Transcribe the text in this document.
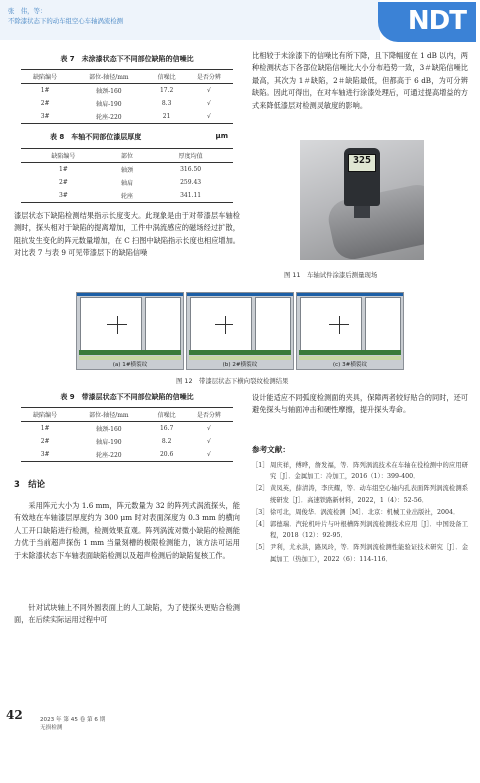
张　伟，等：
不除漆状态下的动车组空心车轴涡流检测	NDT
表 7　未涂漆状态下不同部位缺陷的信噪比
缺陷编号	部位-轴径/mm	信噪比	是否分辨
1#	轴颈-160	17.2	√
2#	轴肩-190	8.3	√
3#	轮座-220	21	√
表 8　车轴不同部位漆层厚度	μm
缺陷编号	部位	厚度均值
1#	轴颈	316.50
2#	轴肩	259.43
3#	轮座	341.11
漆层状态下缺陷检测结果指示长度变大。此现象是由于对带漆层车轴检测时，探头相对于缺陷的提离增加，工件中涡流感应的磁场经过扩散，阻抗发生变化的阵元数量增加，在 C 扫图中缺陷指示长度也相应增加。对比表 7 与表 9 可见带漆层下的缺陷信噪
比相较于未涂漆下的信噪比有所下降，且下降幅度在 1 dB 以内，两种检测状态下各部位缺陷信噪比大小分布趋势一致，3＃缺陷信噪比最高，其次为 1＃缺陷，2＃缺陷最低，但都高于 6 dB，为可分辨缺陷。因此可得出，在对车轴进行涂漆处理后，可通过提高增益的方式来降低漆层对检测灵敏度的影响。
325
图 11　车轴试件涂漆后测量现场
(a) 1#横裂纹	(b) 2#横裂纹	(c) 3#横裂纹
图 12　带漆层状态下横向裂纹检测结果
表 9　带漆层状态下不同部位缺陷的信噪比
缺陷编号	部位-轴径/mm	信噪比	是否分辨
1#	轴颈-160	16.7	√
2#	轴肩-190	8.2	√
3#	轮座-220	20.6	√
3　结论
采用阵元大小为 1.6 mm，阵元数量为 32 的阵列式涡流探头，能有效地在车轴漆层厚度约为 300 μm 时对表面深度为 0.3 mm 的横向人工开口缺陷进行检测，检测效果直观。阵列涡流对微小缺陷的检测能力优于当前超声探伤 1 mm 当量刻槽的极限检测能力，该方法可运用于未除漆状态下车轴表面缺陷检测以及超声检测后的缺陷复核工作。
针对试块轴上不同外圆表面上的人工缺陷，为了使探头更贴合检测面，在后续实际运用过程中可
设计能适应不同弧度检测面的夹具，保障两者较好贴合的同时，还可避免探头与轴面冲击和硬性摩擦，提升探头寿命。
参考文献：
［1］ 周庆祥，傅晔，詹发福，等．阵列涡流技术在车轴在役检测中的应用研究［J］．金属加工：冷加工，2016（1）：399-400．
［2］ 黄凤英，薛清涛，李庆耀，等．动车组空心轴内孔表面阵列涡流检测系统研发［J］．高速铁路新材料，2022，1（4）：52-56．
［3］ 徐可北，周俊华．涡流检测［M］．北京：机械工业出版社，2004．
［4］ 郭德瑞．汽轮机叶片与叶根槽阵列涡流检测技术应用［J］．中国设备工程，2018（12）：92-95．
［5］ 尹利，尤永洪，路凤玲，等．阵列涡流检测性能验证技术研究［J］．金属加工（热加工），2022（6）：114-116．
42	2023 年 第 45 卷 第 6 期
无损检测
